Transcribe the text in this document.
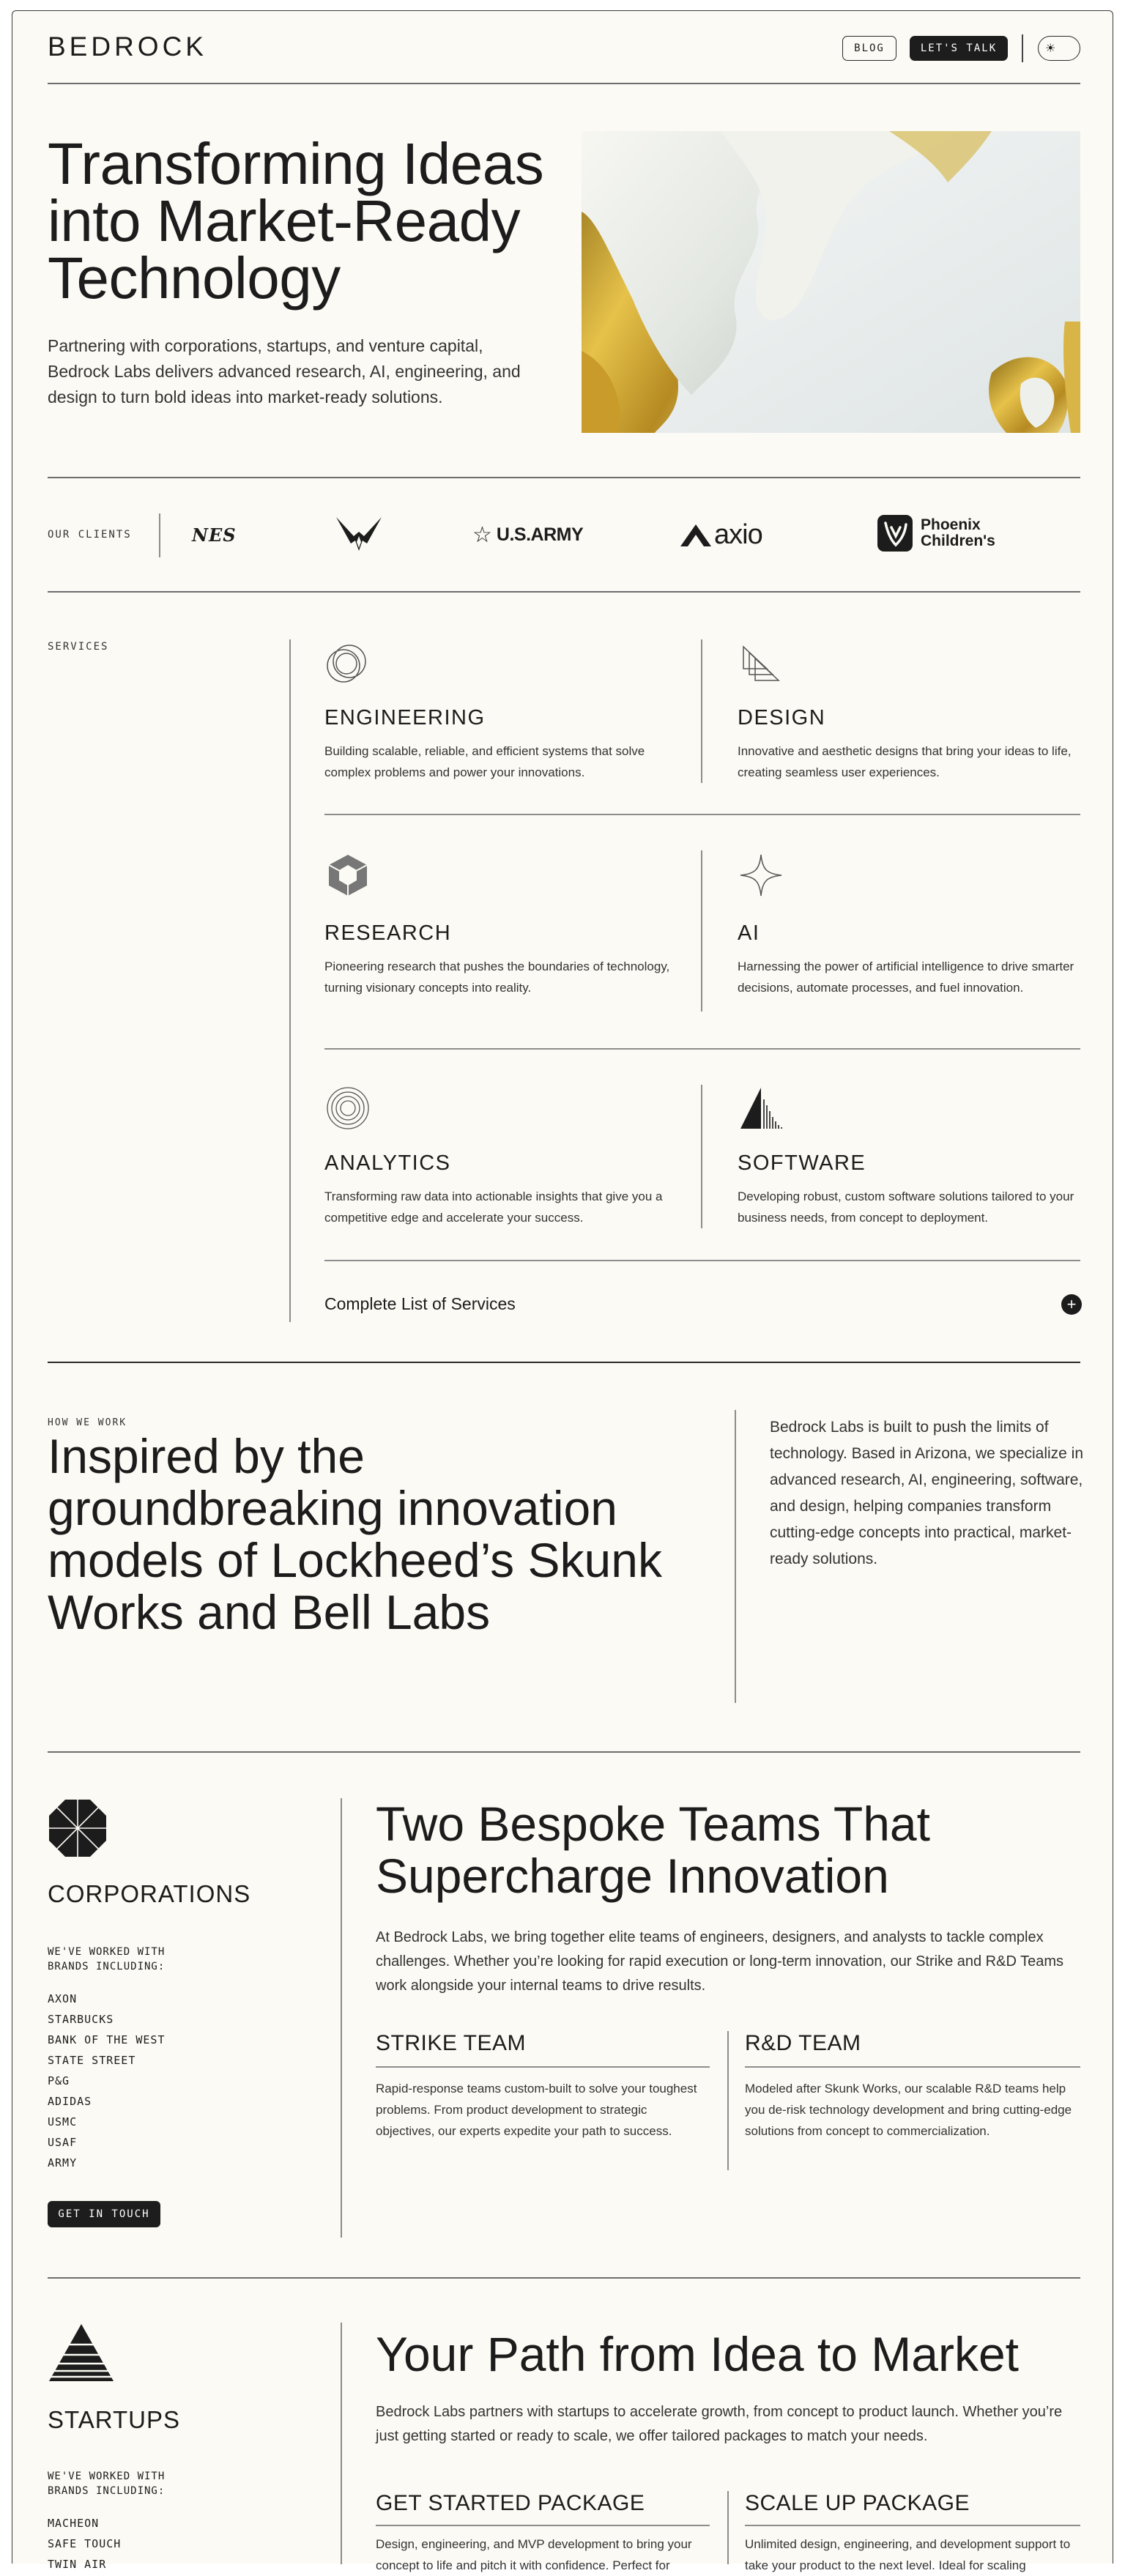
BEDROCK	BLOG	LET'S TALK	☀
Transforming Ideas
into Market-Ready
Technology
Partnering with corporations, startups, and venture capital, Bedrock Labs delivers advanced research, AI, engineering, and design to turn bold ideas into market-ready solutions.
OUR CLIENTS	NES	☆ U.S.ARMY	axio	Phoenix
Children's
SERVICES
ENGINEERING
Building scalable, reliable, and efficient systems that solve complex problems and power your innovations.
DESIGN
Innovative and aesthetic designs that bring your ideas to life, creating seamless user experiences.
RESEARCH
Pioneering research that pushes the boundaries of technology, turning visionary concepts into reality.
AI
Harnessing the power of artificial intelligence to drive smarter decisions, automate processes, and fuel innovation.
ANALYTICS
Transforming raw data into actionable insights that give you a competitive edge and accelerate your success.
SOFTWARE
Developing robust, custom software solutions tailored to your business needs, from concept to deployment.
Complete List of Services	+
HOW WE WORK
Inspired by the
groundbreaking innovation
models of Lockheed’s Skunk
Works and Bell Labs
Bedrock Labs is built to push the limits of technology. Based in Arizona, we specialize in advanced research, AI, engineering, software, and design, helping companies transform cutting-edge concepts into practical, market-ready solutions.
CORPORATIONS
WE'VE WORKED WITH
BRANDS INCLUDING:
AXON
STARBUCKS
BANK OF THE WEST
STATE STREET
P&G
ADIDAS
USMC
USAF
ARMY
GET IN TOUCH
Two Bespoke Teams That
Supercharge Innovation
At Bedrock Labs, we bring together elite teams of engineers, designers, and analysts to tackle complex challenges. Whether you’re looking for rapid execution or long-term innovation, our Strike and R&D Teams work alongside your internal teams to drive results.
STRIKE TEAM
Rapid-response teams custom-built to solve your toughest problems. From product development to strategic objectives, our experts expedite your path to success.
R&D TEAM
Modeled after Skunk Works, our scalable R&D teams help you de-risk technology development and bring cutting-edge solutions from concept to commercialization.
STARTUPS
WE'VE WORKED WITH
BRANDS INCLUDING:
MACHEON
SAFE TOUCH
TWIN AIR
Your Path from Idea to Market
Bedrock Labs partners with startups to accelerate growth, from concept to product launch. Whether you’re just getting started or ready to scale, we offer tailored packages to match your needs.
GET STARTED PACKAGE
Design, engineering, and MVP development to bring your concept to life and pitch it with confidence. Perfect for
SCALE UP PACKAGE
Unlimited design, engineering, and development support to take your product to the next level. Ideal for scaling
